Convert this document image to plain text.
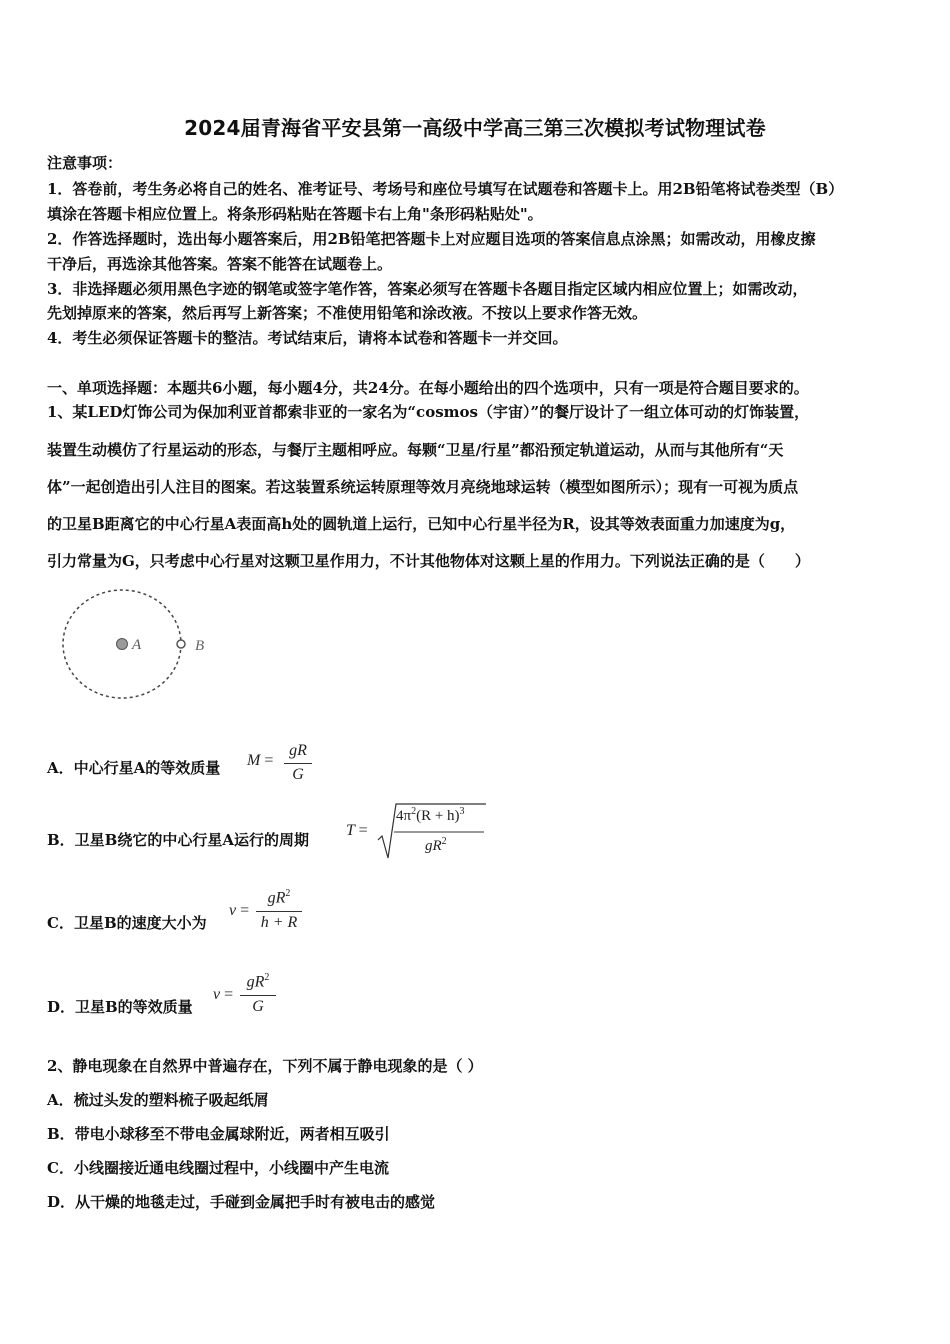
2024届青海省平安县第一高级中学高三第三次模拟考试物理试卷
注意事项：
1．答卷前，考生务必将自己的姓名、准考证号、考场号和座位号填写在试题卷和答题卡上。用2B铅笔将试卷类型（B）
填涂在答题卡相应位置上。将条形码粘贴在答题卡右上角"条形码粘贴处"。
2．作答选择题时，选出每小题答案后，用2B铅笔把答题卡上对应题目选项的答案信息点涂黑；如需改动，用橡皮擦
干净后，再选涂其他答案。答案不能答在试题卷上。
3．非选择题必须用黑色字迹的钢笔或签字笔作答，答案必须写在答题卡各题目指定区域内相应位置上；如需改动，
先划掉原来的答案，然后再写上新答案；不准使用铅笔和涂改液。不按以上要求作答无效。
4．考生必须保证答题卡的整洁。考试结束后，请将本试卷和答题卡一并交回。
一、单项选择题：本题共6小题，每小题4分，共24分。在每小题给出的四个选项中，只有一项是符合题目要求的。
1、某LED灯饰公司为保加利亚首都索非亚的一家名为“cosmos（宇宙）”的餐厅设计了一组立体可动的灯饰装置，
装置生动模仿了行星运动的形态，与餐厅主题相呼应。每颗“卫星/行星”都沿预定轨道运动，从而与其他所有“天
体”一起创造出引人注目的图案。若这装置系统运转原理等效月亮绕地球运转（模型如图所示）；现有一可视为质点
的卫星B距离它的中心行星A表面高h处的圆轨道上运行，已知中心行星半径为R，设其等效表面重力加速度为g，
引力常量为G，只考虑中心行星对这颗卫星作用力，不计其他物体对这颗上星的作用力。下列说法正确的是（　　）
A	B
A．中心行星A的等效质量 M =
gR
G
B．卫星B绕它的中心行星A运行的周期
T =
$4\pi^2(R + h)^3$
$gR^2$
C．卫星B的速度大小为
v =
$gR^2$
h + R
D．卫星B的等效质量
v =
$gR^2$
G
2、静电现象在自然界中普遍存在，下列不属于静电现象的是（ ）
A．梳过头发的塑料梳子吸起纸屑
B．带电小球移至不带电金属球附近，两者相互吸引
C．小线圈接近通电线圈过程中，小线圈中产生电流
D．从干燥的地毯走过，手碰到金属把手时有被电击的感觉
